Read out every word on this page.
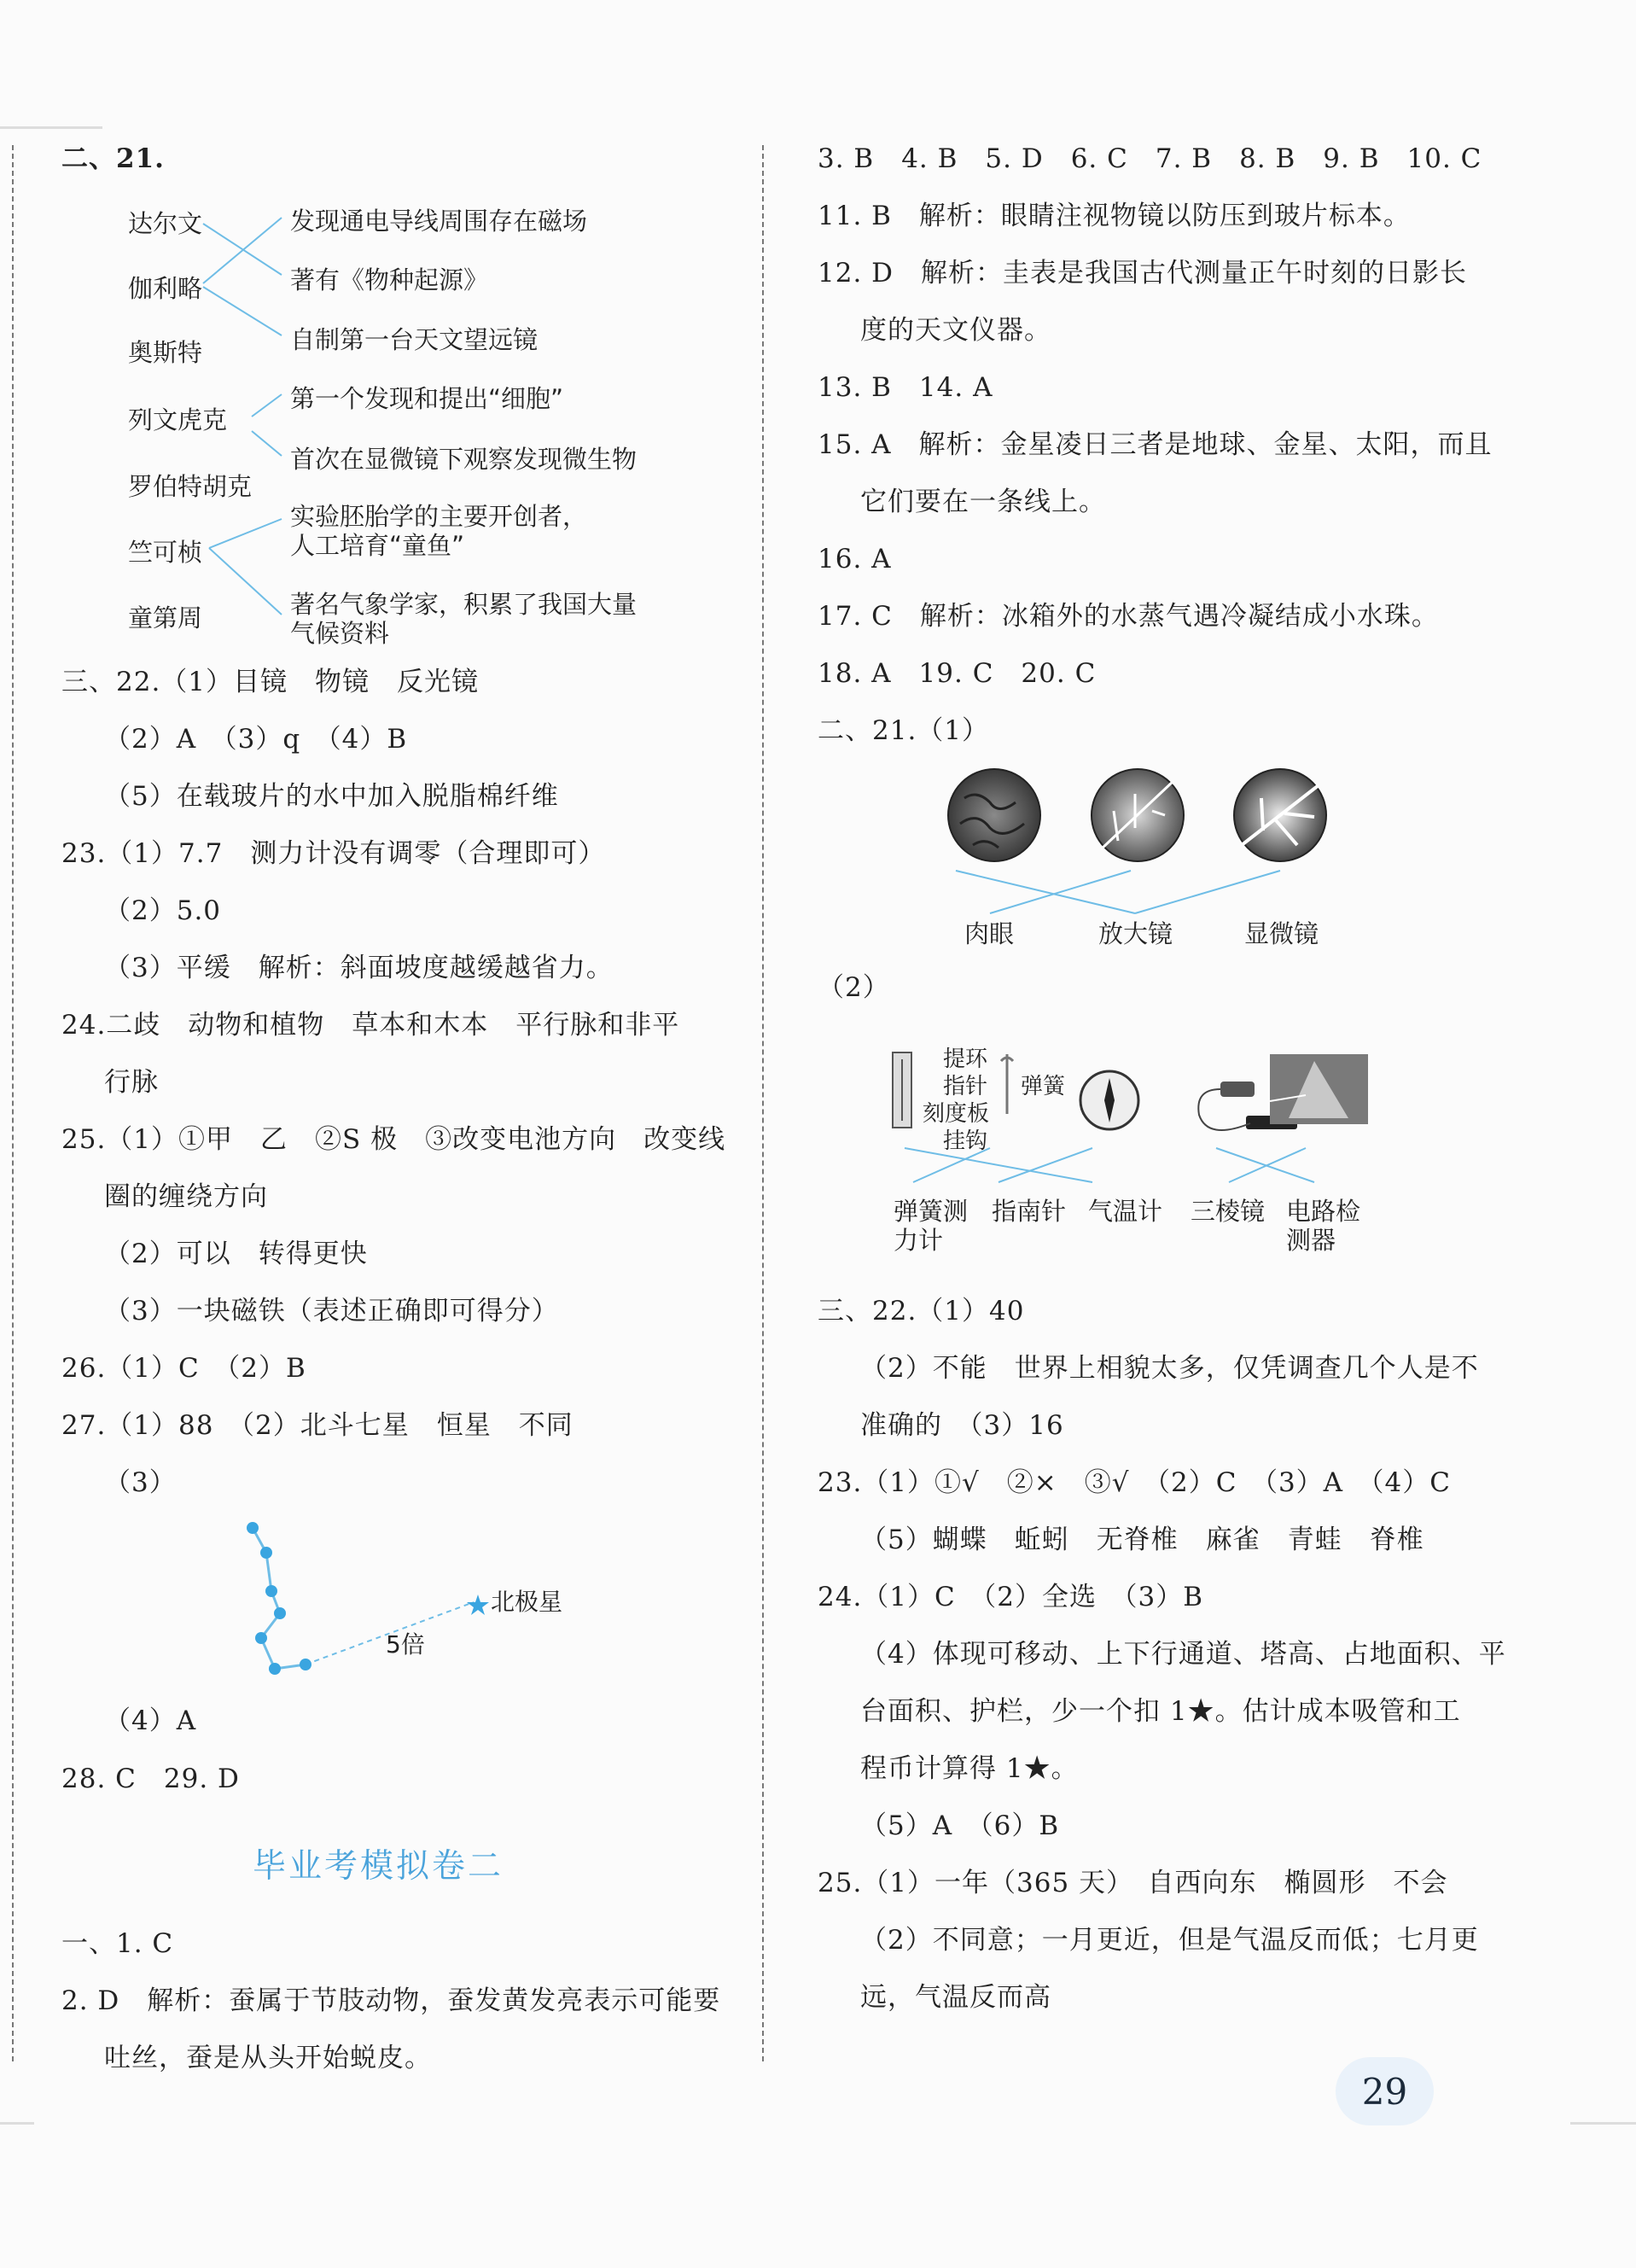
二、21.
达尔文
伽利略
奥斯特
列文虎克
罗伯特胡克
竺可桢
童第周
发现通电导线周围存在磁场
著有《物种起源》
自制第一台天文望远镜
第一个发现和提出“细胞”
首次在显微镜下观察发现微生物
实验胚胎学的主要开创者，
人工培育“童鱼”
著名气象学家，积累了我国大量
气候资料
三、22.（1）目镜　物镜　反光镜
（2）A　（3）q　（4）B
（5）在载玻片的水中加入脱脂棉纤维
23.（1）7.7　测力计没有调零（合理即可）
（2）5.0
（3）平缓　解析：斜面坡度越缓越省力。
24.二歧　动物和植物　草本和木本　平行脉和非平
行脉
25.（1）①甲　乙　②S 极　③改变电池方向　改变线
圈的缠绕方向
（2）可以　转得更快
（3）一块磁铁（表述正确即可得分）
26.（1）C　（2）B
27.（1）88　（2）北斗七星　恒星　不同
（3）
北极星
5倍
（4）A
28. C　29. D
毕业考模拟卷二
一、1. C
2. D　解析：蚕属于节肢动物，蚕发黄发亮表示可能要
吐丝，蚕是从头开始蜕皮。
3. B　4. B　5. D　6. C　7. B　8. B　9. B　10. C
11. B　解析：眼睛注视物镜以防压到玻片标本。
12. D　解析：圭表是我国古代测量正午时刻的日影长
度的天文仪器。
13. B　14. A
15. A　解析：金星凌日三者是地球、金星、太阳，而且
它们要在一条线上。
16. A
17. C　解析：冰箱外的水蒸气遇冷凝结成小水珠。
18. A　19. C　20. C
二、21.（1）
肉眼	放大镜	显微镜
（2）
提环
指针
刻度板
挂钩
弹簧
弹簧测
力计
指南针 气温计 三棱镜 电路检
测器
三、22.（1）40
（2）不能　世界上相貌太多，仅凭调查几个人是不
准确的　（3）16
23.（1）①√　②×　③√　（2）C　（3）A　（4）C
（5）蝴蝶　蚯蚓　无脊椎　麻雀　青蛙　脊椎
24.（1）C　（2）全选　（3）B
（4）体现可移动、上下行通道、塔高、占地面积、平
台面积、护栏，少一个扣 1★。估计成本吸管和工
程币计算得 1★。
（5）A　（6）B
25.（1）一年（365 天）　自西向东　椭圆形　不会
（2）不同意；一月更近，但是气温反而低；七月更
远，气温反而高
29
